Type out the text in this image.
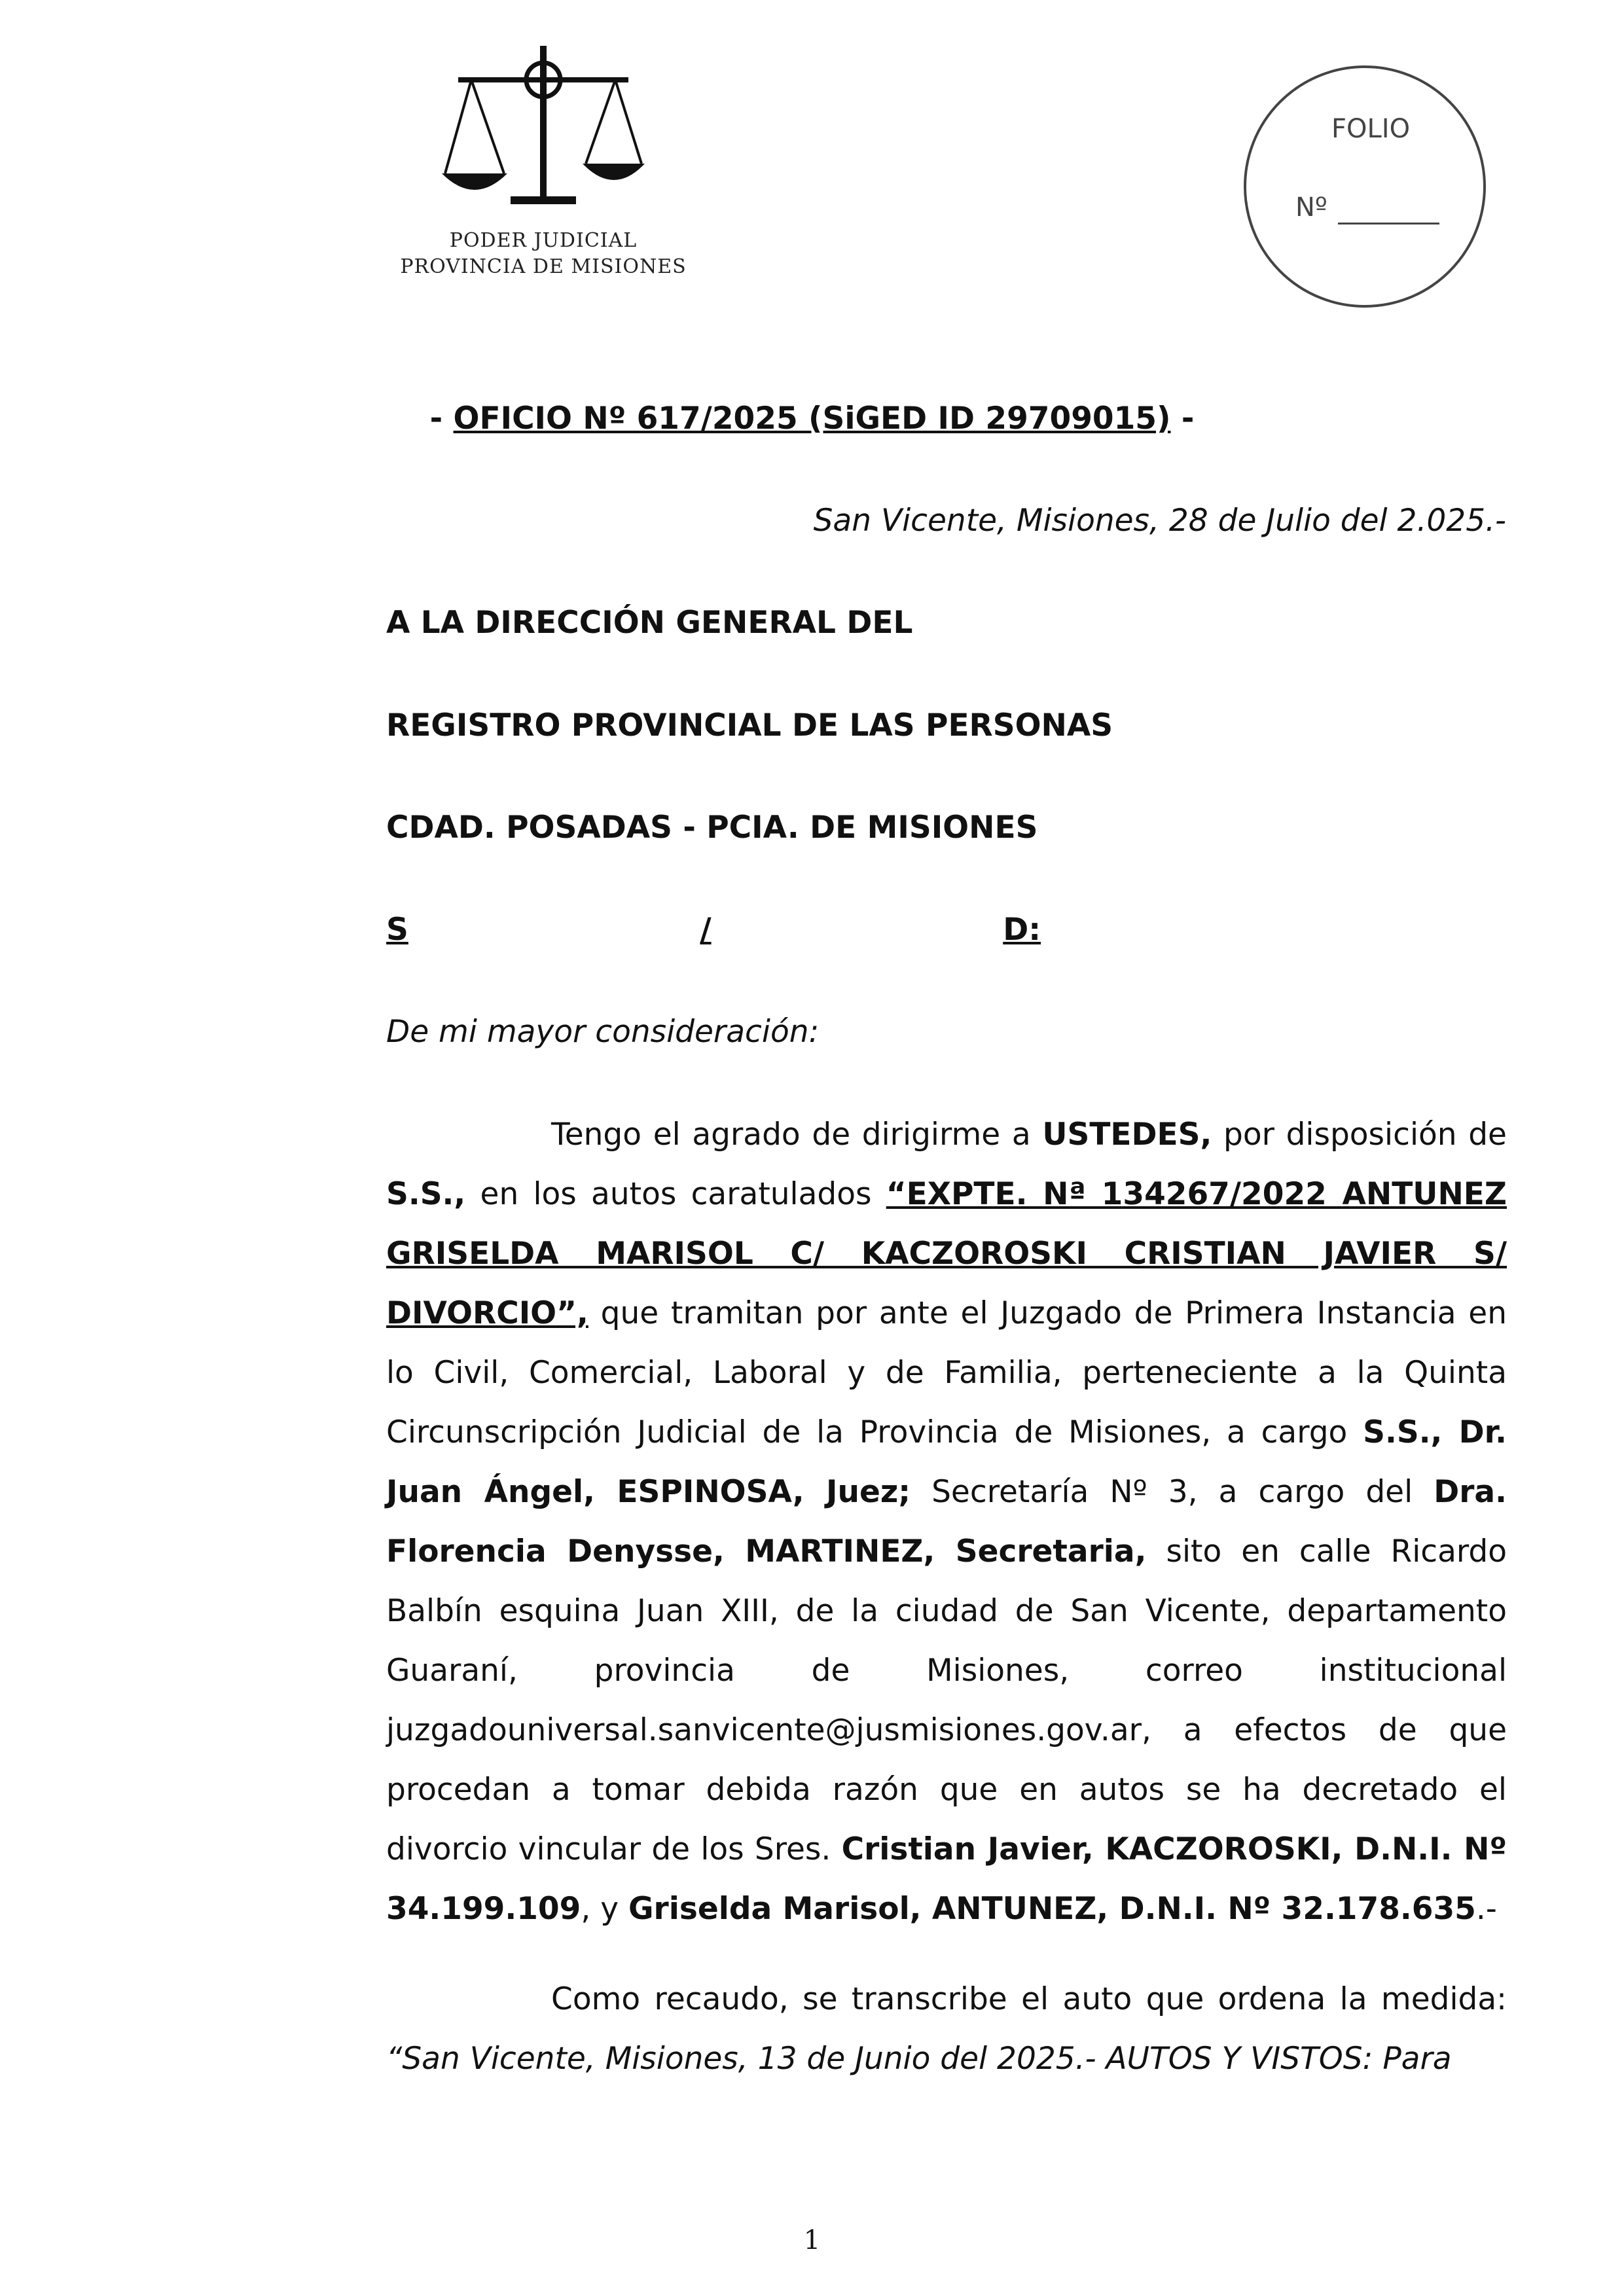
PODER JUDICIAL
PROVINCIA DE MISIONES
FOLIO
Nº
- OFICIO Nº 617/2025 (SiGED ID 29709015) -
San Vicente, Misiones, 28 de Julio del 2.025.-
A LA DIRECCIÓN GENERAL DEL
REGISTRO PROVINCIAL DE LAS PERSONAS
CDAD. POSADAS - PCIA. DE MISIONES
S	/	D:
De mi mayor consideración:
Tengo el agrado de dirigirme a USTEDES, por disposición de S.S., en los autos caratulados “EXPTE. Nª 134267/2022 ANTUNEZ GRISELDA MARISOL C/ KACZOROSKI CRISTIAN JAVIER S/ DIVORCIO”, que tramitan por ante el Juzgado de Primera Instancia en lo Civil, Comercial, Laboral y de Familia, perteneciente a la Quinta Circunscripción Judicial de la Provincia de Misiones, a cargo S.S., Dr. Juan Ángel, ESPINOSA, Juez; Secretaría Nº 3, a cargo del Dra. Florencia Denysse, MARTINEZ, Secretaria, sito en calle Ricardo Balbín esquina Juan XIII, de la ciudad de San Vicente, departamento Guaraní, provincia de Misiones, correo institucional juzgadouniversal.sanvicente@jusmisiones.gov.ar, a efectos de que procedan a tomar debida razón que en autos se ha decretado el divorcio vincular de los Sres. Cristian Javier, KACZOROSKI, D.N.I. Nº 34.199.109, y Griselda Marisol, ANTUNEZ, D.N.I. Nº 32.178.635.-
Como recaudo, se transcribe el auto que ordena la medida: “San Vicente, Misiones, 13 de Junio del 2025.- AUTOS Y VISTOS: Para
1
